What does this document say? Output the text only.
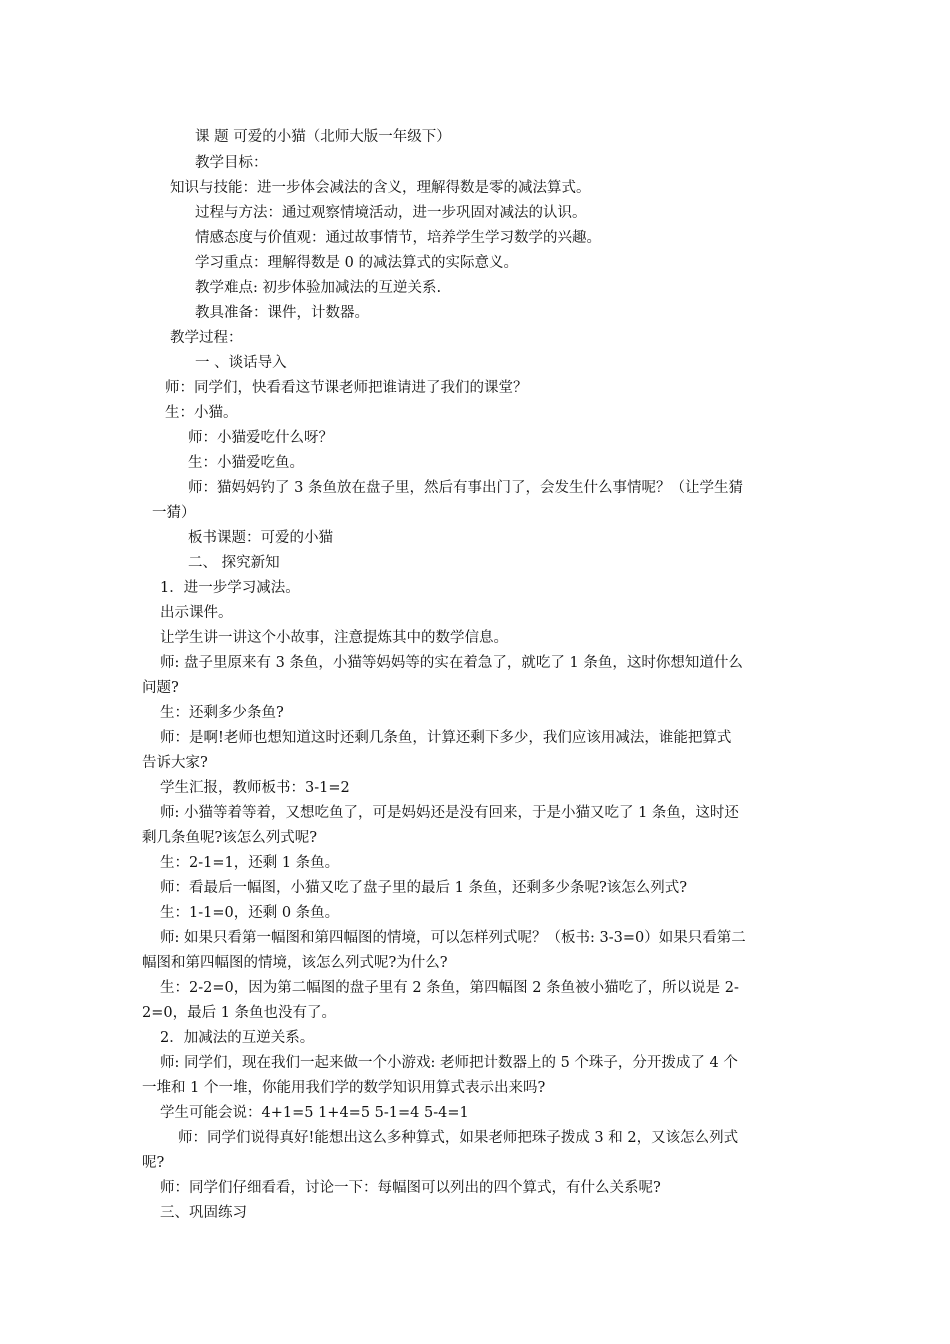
课 题 可爱的小猫（北师大版一年级下）

教学目标：

知识与技能：进一步体会减法的含义，理解得数是零的减法算式。

过程与方法：通过观察情境活动，进一步巩固对减法的认识。

情感态度与价值观：通过故事情节，培养学生学习数学的兴趣。

学习重点：理解得数是 0 的减法算式的实际意义。

教学难点: 初步体验加减法的互逆关系.

教具准备：课件，计数器。

教学过程：

一 、谈话导入

师：同学们，快看看这节课老师把谁请进了我们的课堂？

生：小猫。

师：小猫爱吃什么呀？

生：小猫爱吃鱼。

师：猫妈妈钓了 3 条鱼放在盘子里，然后有事出门了，会发生什么事情呢？（让学生猜

一猜）

板书课题：可爱的小猫

二、 探究新知

1．进一步学习减法。

出示课件。

让学生讲一讲这个小故事，注意提炼其中的数学信息。

师: 盘子里原来有 3 条鱼，小猫等妈妈等的实在着急了，就吃了 1 条鱼，这时你想知道什么

问题?

生：还剩多少条鱼?

师：是啊!老师也想知道这时还剩几条鱼，计算还剩下多少，我们应该用减法，谁能把算式

告诉大家?

学生汇报，教师板书：3-1=2

师: 小猫等着等着，又想吃鱼了，可是妈妈还是没有回来，于是小猫又吃了 1 条鱼，这时还

剩几条鱼呢?该怎么列式呢?

生：2-1=1，还剩 1 条鱼。

师：看最后一幅图，小猫又吃了盘子里的最后 1 条鱼，还剩多少条呢?该怎么列式?

生：1-1=0，还剩 0 条鱼。

师: 如果只看第一幅图和第四幅图的情境，可以怎样列式呢？（板书: 3-3=0）如果只看第二

幅图和第四幅图的情境，该怎么列式呢?为什么?

生：2-2=0，因为第二幅图的盘子里有 2 条鱼，第四幅图 2 条鱼被小猫吃了，所以说是 2-

2=0，最后 1 条鱼也没有了。

2．加减法的互逆关系。

师: 同学们，现在我们一起来做一个小游戏: 老师把计数器上的 5 个珠子，分开拨成了 4 个

一堆和 1 个一堆，你能用我们学的数学知识用算式表示出来吗?

学生可能会说：4+1=5 1+4=5 5-1=4 5-4=1

师：同学们说得真好!能想出这么多种算式，如果老师把珠子拨成 3 和 2，又该怎么列式

呢?

师：同学们仔细看看，讨论一下：每幅图可以列出的四个算式，有什么关系呢?

三、巩固练习
